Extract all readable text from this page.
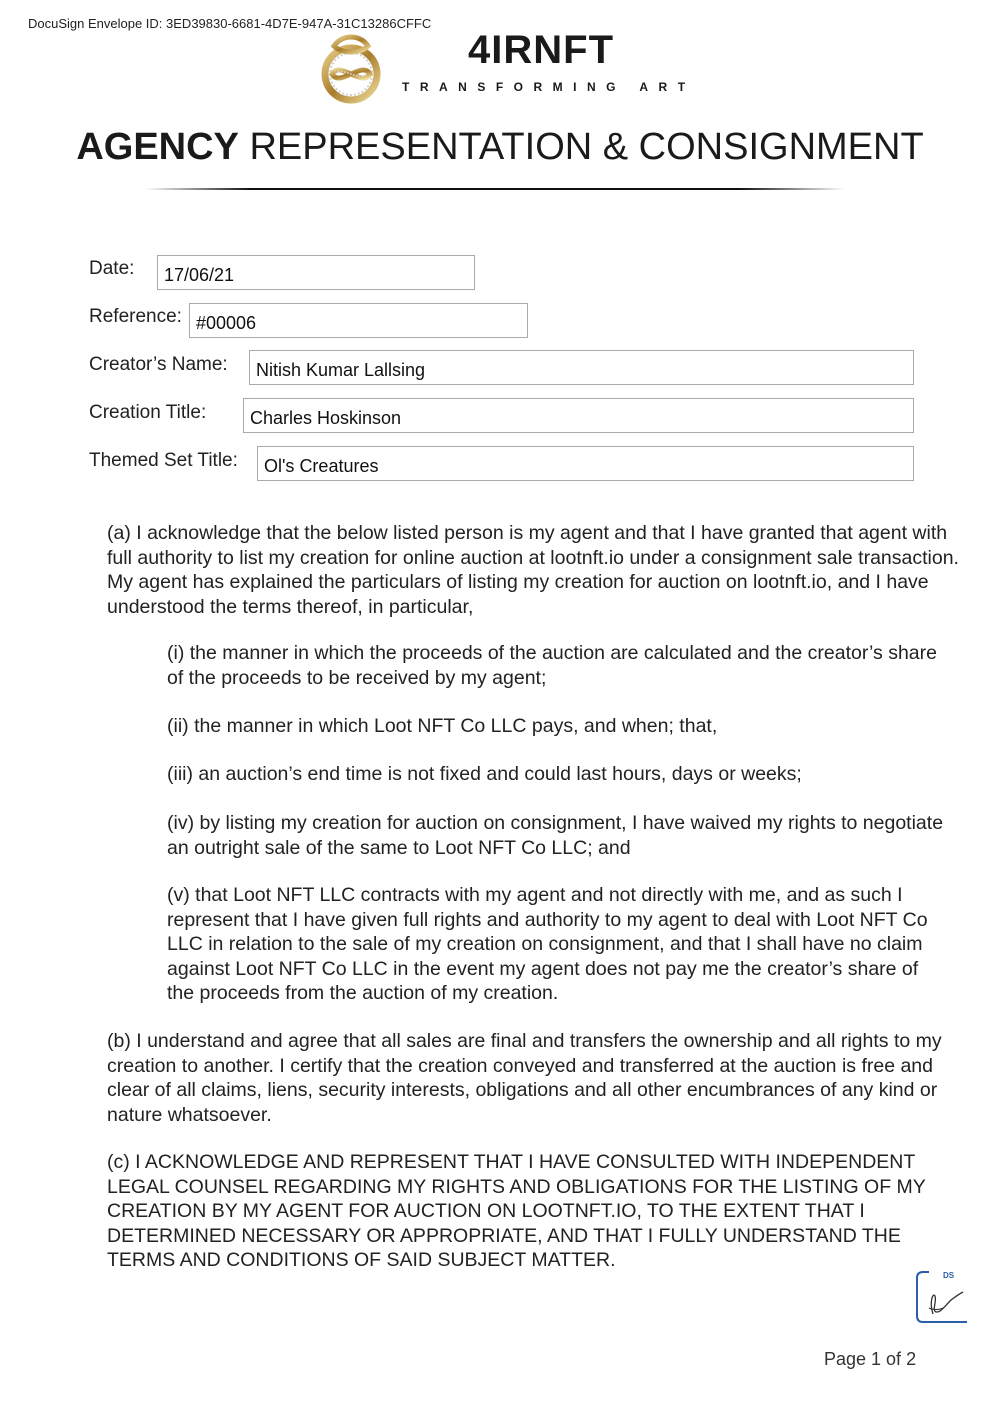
DocuSign Envelope ID: 3ED39830-6681-4D7E-947A-31C13286CFFC
4IRNFT
TRANSFORMING ART
AGENCY REPRESENTATION & CONSIGNMENT
Date:	17/06/21
Reference: #00006
Creator’s Name:	Nitish Kumar Lallsing
Creation Title:	Charles Hoskinson
Themed Set Title:	Ol's Creatures

(a) I acknowledge that the below listed person is my agent and that I have granted that agent with full authority to list my creation for online auction at lootnft.io under a consignment sale transaction. My agent has explained the particulars of listing my creation for auction on lootnft.io, and I have understood the terms thereof, in particular,

(i) the manner in which the proceeds of the auction are calculated and the creator’s share of the proceeds to be received by my agent;

(ii) the manner in which Loot NFT Co LLC pays, and when; that,

(iii) an auction’s end time is not fixed and could last hours, days or weeks;

(iv) by listing my creation for auction on consignment, I have waived my rights to negotiate an outright sale of the same to Loot NFT Co LLC; and

(v) that Loot NFT LLC contracts with my agent and not directly with me, and as such I represent that I have given full rights and authority to my agent to deal with Loot NFT Co LLC in relation to the sale of my creation on consignment, and that I shall have no claim against Loot NFT Co LLC in the event my agent does not pay me the creator’s share of the proceeds from the auction of my creation.

(b) I understand and agree that all sales are final and transfers the ownership and all rights to my creation to another. I certify that the creation conveyed and transferred at the auction is free and clear of all claims, liens, security interests, obligations and all other encumbrances of any kind or nature whatsoever.

(c) I ACKNOWLEDGE AND REPRESENT THAT I HAVE CONSULTED WITH INDEPENDENT LEGAL COUNSEL REGARDING MY RIGHTS AND OBLIGATIONS FOR THE LISTING OF MY CREATION BY MY AGENT FOR AUCTION ON LOOTNFT.IO, TO THE EXTENT THAT I DETERMINED NECESSARY OR APPROPRIATE, AND THAT I FULLY UNDERSTAND THE TERMS AND CONDITIONS OF SAID SUBJECT MATTER.

DS
Page 1 of 2
